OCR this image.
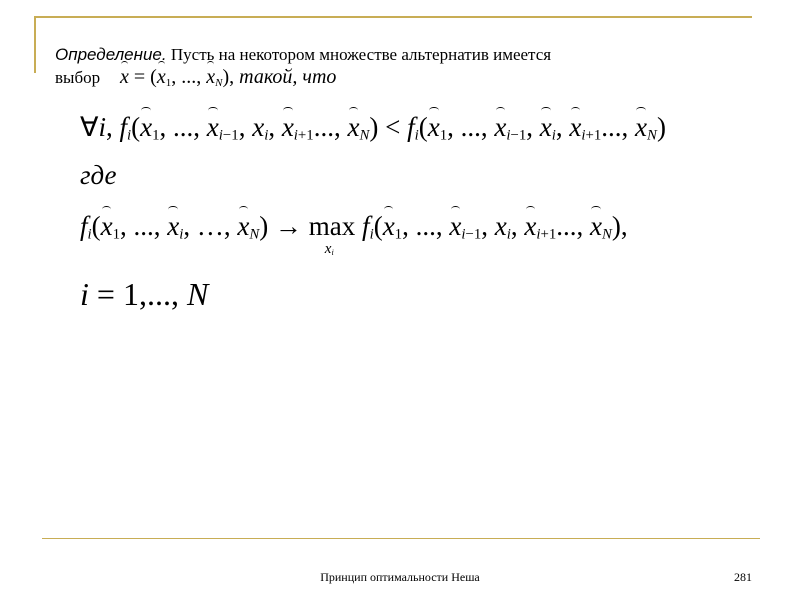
Определение. Пусть на некотором множестве альтернатив имеется
выбор $x = (x_1$, ..., $x_N$), такой, что
∀i, $f_i(x_1$, ..., $x_{i-1}$, $x_i$, $x_{i+1}$..., $x_N) < f_i(x_1$, ..., $x_{i-1}$, $x_i$, $x_{i+1}$..., $x_N$)
где
$f_i(x_1$, ..., $x_i$, …, $x_N) \to \max$
$x_i$
$f_i(x_1$, ..., $x_{i-1}$, $x_i$, $x_{i+1}$..., $x_N$),
i = 1,..., N
Принцип оптимальности Неша	281
